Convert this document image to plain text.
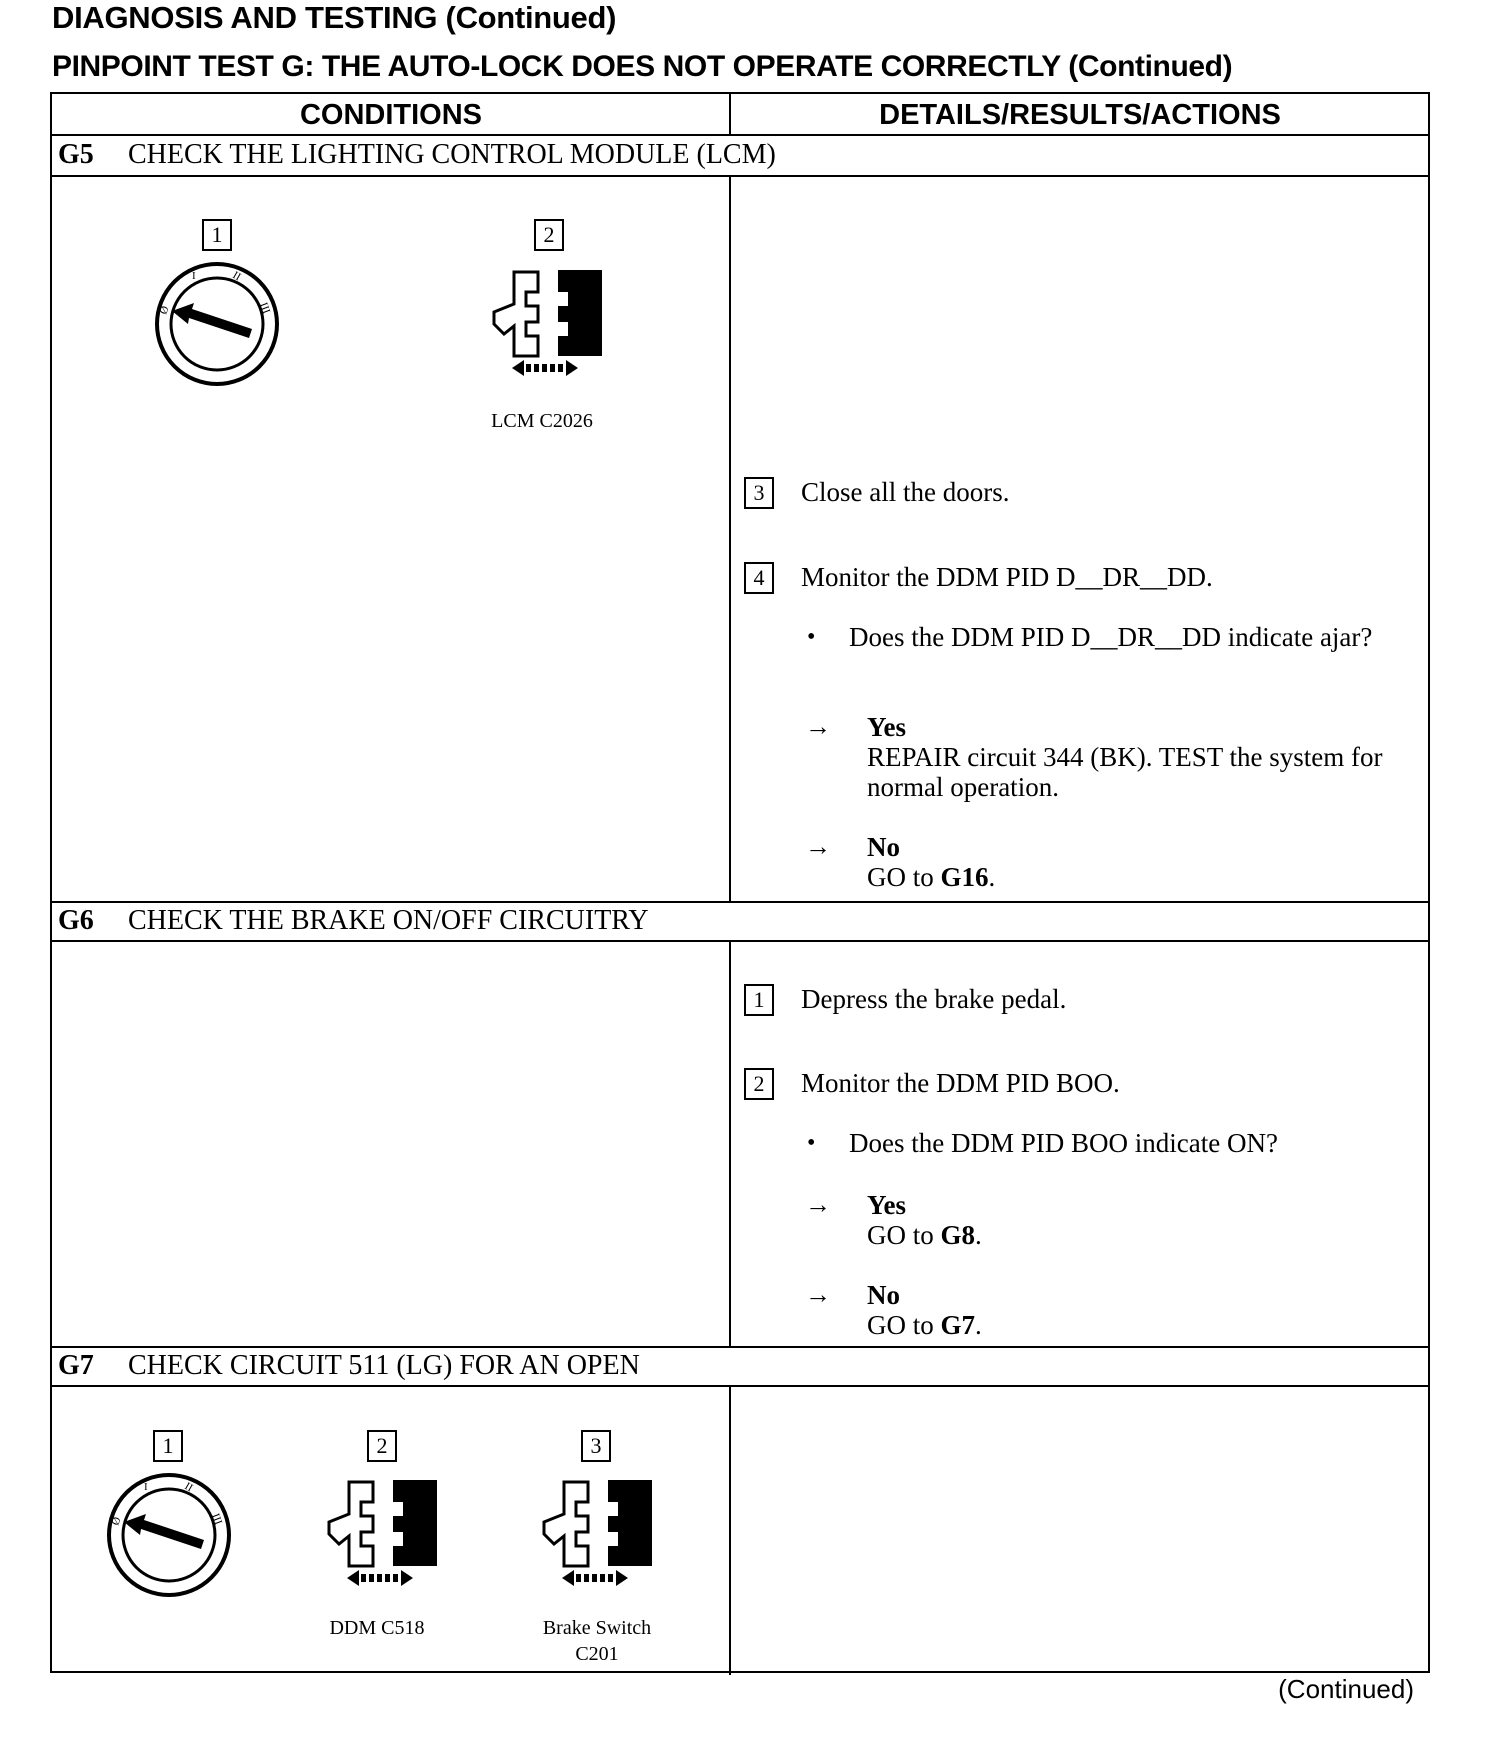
DIAGNOSIS AND TESTING (Continued)
PINPOINT TEST G: THE AUTO-LOCK DOES NOT OPERATE CORRECTLY (Continued)
CONDITIONS	DETAILS/RESULTS/ACTIONS
G5 CHECK THE LIGHTING CONTROL MODULE (LCM)
1
Ø
I	II
III
2
LCM C2026
3	Close all the doors.
4	Monitor the DDM PID D__DR__DD.
• Does the DDM PID D__DR__DD indicate ajar?
→ Yes
REPAIR circuit 344 (BK). TEST the system for normal operation.
→ No
GO to G16.
G6 CHECK THE BRAKE ON/OFF CIRCUITRY
1	Depress the brake pedal.
2	Monitor the DDM PID BOO.
• Does the DDM PID BOO indicate ON?
→ Yes
GO to G8.
→ No
GO to G7.
G7 CHECK CIRCUIT 511 (LG) FOR AN OPEN
1
Ø
I	II
III
2
DDM C518
3
Brake Switch
C201
(Continued)
